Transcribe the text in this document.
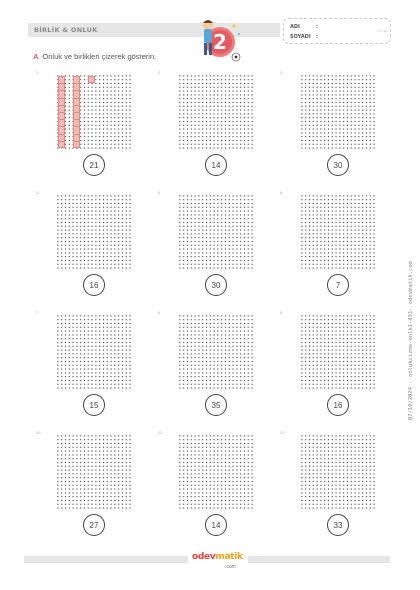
BİRLİK & ONLUK	2
ADI	:
SOYADI :
2-1-16
A Onluk ve birlikleri çizerek gösterin.
07/10/2024 - onlukcizme-onlk1-491- odevmatik.com
1.
21
2.
14
3.
30
4.
16
5.
30
6.
7
7.
15
8.
35
9.
16
10.
27
11.
14
12.
33
odevmatik
.com
